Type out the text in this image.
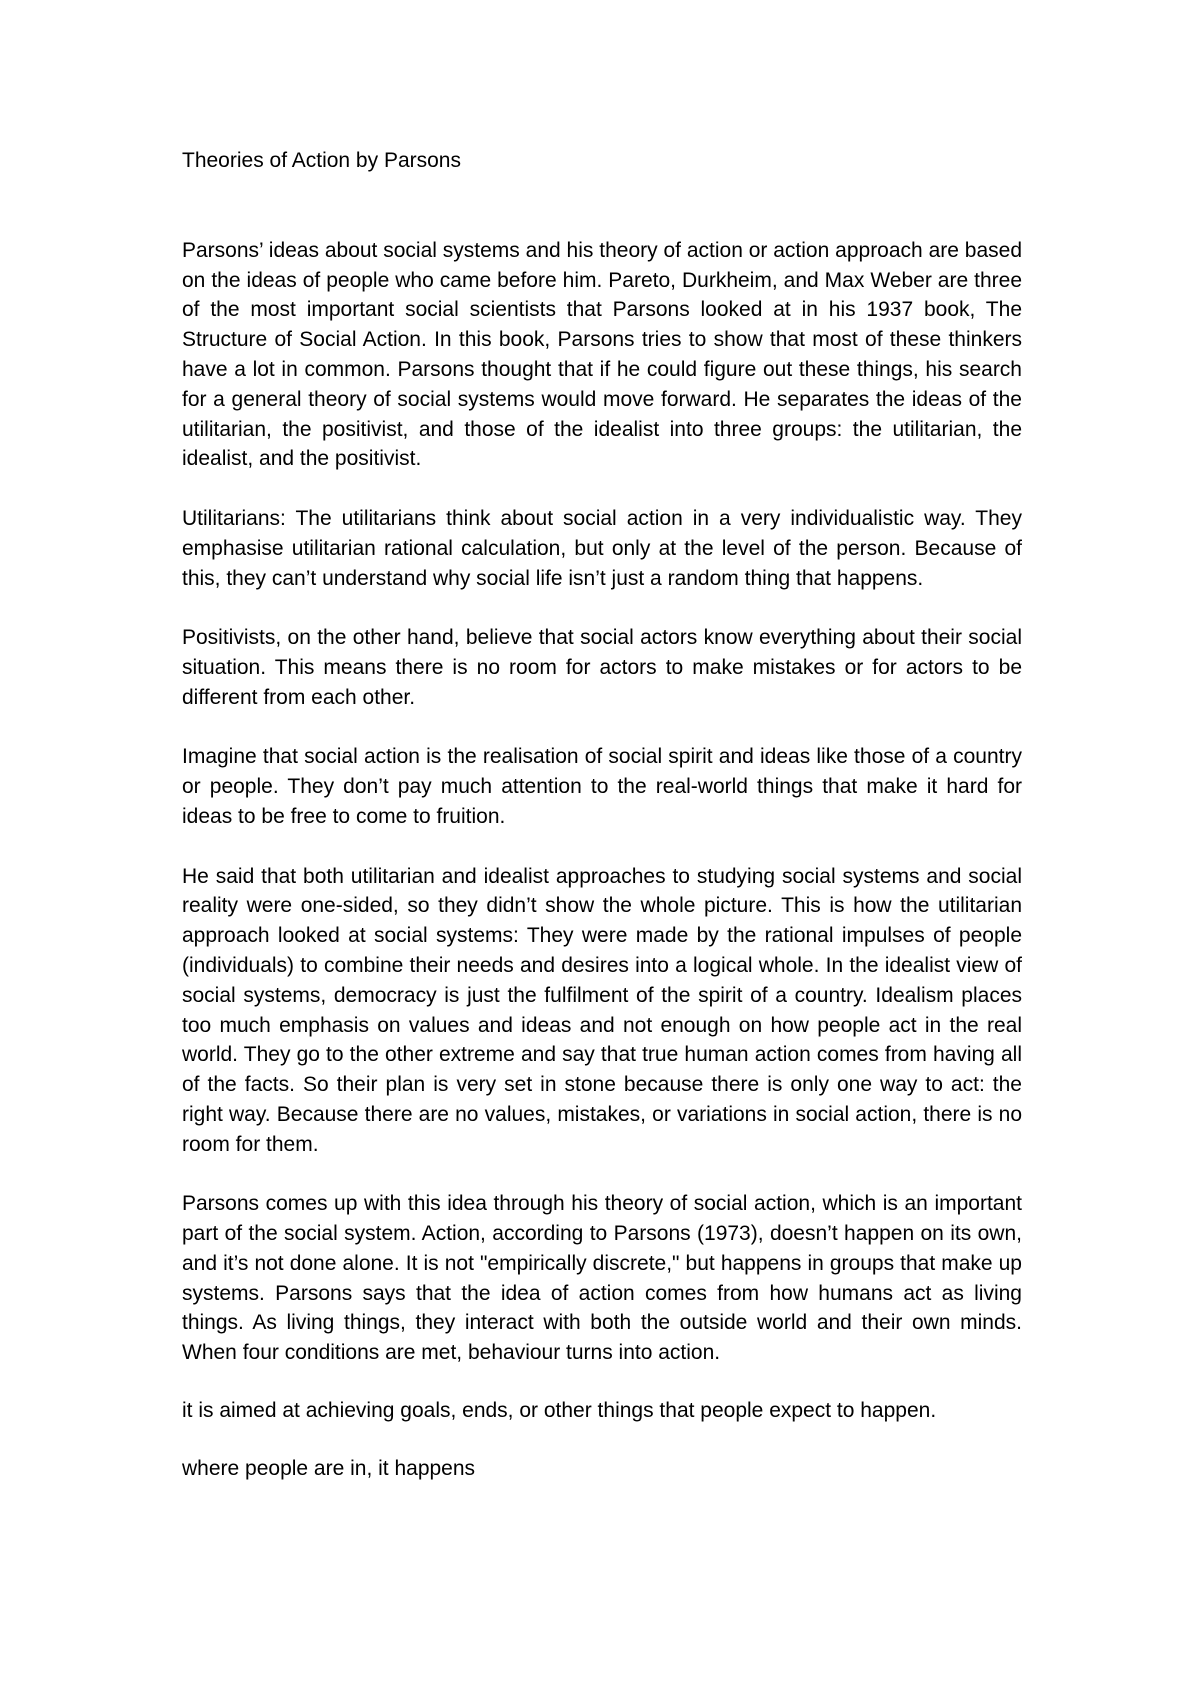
Theories of Action by Parsons

Parsons’ ideas about social systems and his theory of action or action approach are based on the ideas of people who came before him. Pareto, Durkheim, and Max Weber are three of the most important social scientists that Parsons looked at in his 1937 book, The Structure of Social Action. In this book, Parsons tries to show that most of these thinkers have a lot in common. Parsons thought that if he could figure out these things, his search for a general theory of social systems would move forward. He separates the ideas of the utilitarian, the positivist, and those of the idealist into three groups: the utilitarian, the idealist, and the positivist.

Utilitarians: The utilitarians think about social action in a very individualistic way. They emphasise utilitarian rational calculation, but only at the level of the person. Because of this, they can’t understand why social life isn’t just a random thing that happens.

Positivists, on the other hand, believe that social actors know everything about their social situation. This means there is no room for actors to make mistakes or for actors to be different from each other.

Imagine that social action is the realisation of social spirit and ideas like those of a country or people. They don’t pay much attention to the real-world things that make it hard for ideas to be free to come to fruition.

He said that both utilitarian and idealist approaches to studying social systems and social reality were one-sided, so they didn’t show the whole picture. This is how the utilitarian approach looked at social systems: They were made by the rational impulses of people (individuals) to combine their needs and desires into a logical whole. In the idealist view of social systems, democracy is just the fulfilment of the spirit of a country. Idealism places too much emphasis on values and ideas and not enough on how people act in the real world. They go to the other extreme and say that true human action comes from having all of the facts. So their plan is very set in stone because there is only one way to act: the right way. Because there are no values, mistakes, or variations in social action, there is no room for them.

Parsons comes up with this idea through his theory of social action, which is an important part of the social system. Action, according to Parsons (1973), doesn’t happen on its own, and it’s not done alone. It is not "empirically discrete," but happens in groups that make up systems. Parsons says that the idea of action comes from how humans act as living things. As living things, they interact with both the outside world and their own minds. When four conditions are met, behaviour turns into action.

it is aimed at achieving goals, ends, or other things that people expect to happen.

where people are in, it happens
